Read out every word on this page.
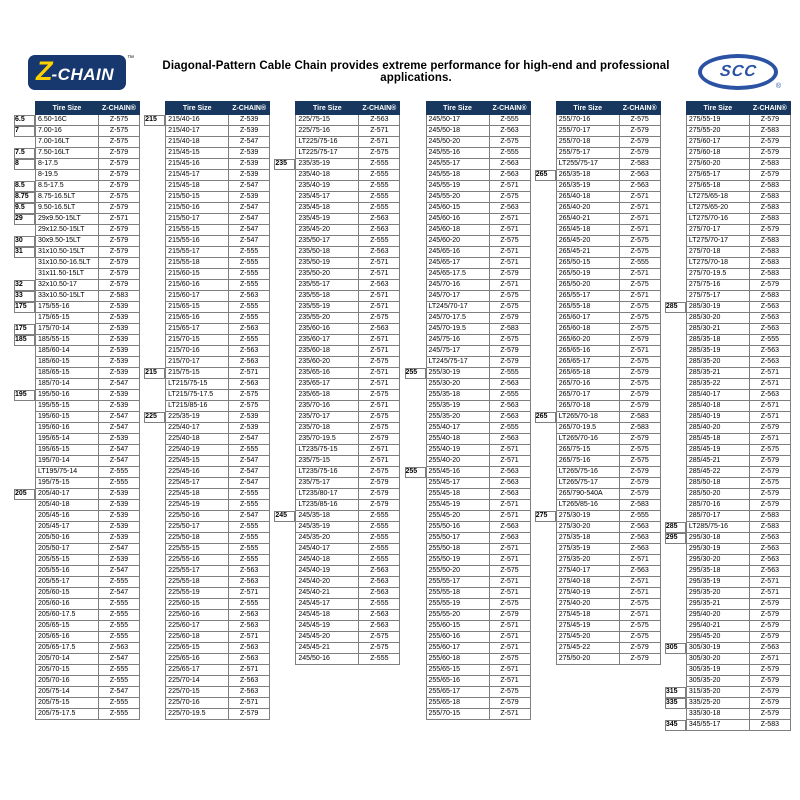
Z -CHAIN
™
Diagonal-Pattern Cable Chain provides extreme performance for high-end and professional applications.	SCC
®
	Tire Size	Z-CHAIN®
6.5	6.50-16C	Z-575
7	7.00-16	Z-575
	7.00-16LT	Z-575
7.5	7.50-16LT	Z-579
8	8-17.5	Z-579
	8-19.5	Z-579
8.5	8.5-17.5	Z-579
8.75	8.75-16.5LT	Z-575
9.5	9.50-16.5LT	Z-579
29	29x9.50-15LT	Z-571
	29x12.50-15LT	Z-579
30	30x9.50-15LT	Z-579
31	31x10.50-15LT	Z-579
	31x10.50-16.5LT	Z-579
	31x11.50-15LT	Z-579
32	32x10.50-17	Z-579
33	33x10.50-15LT	Z-583
175	175/55-16	Z-539
	175/65-15	Z-539
175	175/70-14	Z-539
185	185/55-15	Z-539
	185/60-14	Z-539
	185/60-15	Z-539
	185/65-15	Z-539
	185/70-14	Z-547
195	195/50-16	Z-539
	195/55-15	Z-539
	195/60-15	Z-547
	195/60-16	Z-547
	195/65-14	Z-539
	195/65-15	Z-547
	195/70-14	Z-547
	LT195/75-14	Z-555
	195/75-15	Z-555
205	205/40-17	Z-539
	205/40-18	Z-539
	205/45-16	Z-539
	205/45-17	Z-539
	205/50-16	Z-539
	205/50-17	Z-547
	205/55-15	Z-539
	205/55-16	Z-547
	205/55-17	Z-555
	205/60-15	Z-547
	205/60-16	Z-555
	205/60-17.5	Z-555
	205/65-15	Z-555
	205/65-16	Z-555
	205/65-17.5	Z-563
	205/70-14	Z-547
	205/70-15	Z-555
	205/70-16	Z-555
	205/75-14	Z-547
	205/75-15	Z-555
	205/75-17.5	Z-555
	Tire Size	Z-CHAIN®
215	215/40-16	Z-539
	215/40-17	Z-539
	215/40-18	Z-547
	215/45-15	Z-539
	215/45-16	Z-539
	215/45-17	Z-539
	215/45-18	Z-547
	215/50-15	Z-539
	215/50-16	Z-547
	215/50-17	Z-547
	215/55-15	Z-547
	215/55-16	Z-547
	215/55-17	Z-555
	215/55-18	Z-555
	215/60-15	Z-555
	215/60-16	Z-555
	215/60-17	Z-563
	215/65-15	Z-555
	215/65-16	Z-555
	215/65-17	Z-563
	215/70-15	Z-555
	215/70-16	Z-563
	215/70-17	Z-563
215	215/75-15	Z-571
	LT215/75-15	Z-563
	LT215/75-17.5	Z-575
	LT215/85-16	Z-575
225	225/35-19	Z-539
	225/40-17	Z-539
	225/40-18	Z-547
	225/40-19	Z-555
	225/45-15	Z-547
	225/45-16	Z-547
	225/45-17	Z-547
	225/45-18	Z-555
	225/45-19	Z-555
	225/50-16	Z-547
	225/50-17	Z-555
	225/50-18	Z-555
	225/55-15	Z-555
	225/55-16	Z-555
	225/55-17	Z-563
	225/55-18	Z-563
	225/55-19	Z-571
	225/60-15	Z-555
	225/60-16	Z-563
	225/60-17	Z-563
	225/60-18	Z-571
	225/65-15	Z-563
	225/65-16	Z-563
	225/65-17	Z-571
	225/70-14	Z-563
	225/70-15	Z-563
	225/70-16	Z-571
	225/70-19.5	Z-579
	Tire Size	Z-CHAIN®
	225/75-15	Z-563
	225/75-16	Z-571
	LT225/75-16	Z-571
	LT225/75-17	Z-575
235	235/35-19	Z-555
	235/40-18	Z-555
	235/40-19	Z-555
	235/45-17	Z-555
	235/45-18	Z-555
	235/45-19	Z-563
	235/45-20	Z-563
	235/50-17	Z-555
	235/50-18	Z-563
	235/50-19	Z-571
	235/50-20	Z-571
	235/55-17	Z-563
	235/55-18	Z-571
	235/55-19	Z-571
	235/55-20	Z-575
	235/60-16	Z-563
	235/60-17	Z-571
	235/60-18	Z-571
	235/60-20	Z-575
	235/65-16	Z-571
	235/65-17	Z-571
	235/65-18	Z-575
	235/70-16	Z-571
	235/70-17	Z-575
	235/70-18	Z-575
	235/70-19.5	Z-579
	LT235/75-15	Z-571
	235/75-15	Z-571
	LT235/75-16	Z-575
	235/75-17	Z-579
	LT235/80-17	Z-579
	LT235/85-16	Z-579
245	245/35-18	Z-555
	245/35-19	Z-555
	245/35-20	Z-555
	245/40-17	Z-555
	245/40-18	Z-555
	245/40-19	Z-563
	245/40-20	Z-563
	245/40-21	Z-563
	245/45-17	Z-555
	245/45-18	Z-563
	245/45-19	Z-563
	245/45-20	Z-575
	245/45-21	Z-575
	245/50-16	Z-555
	Tire Size	Z-CHAIN®
	245/50-17	Z-555
	245/50-18	Z-563
	245/50-20	Z-575
	245/55-16	Z-555
	245/55-17	Z-563
	245/55-18	Z-563
	245/55-19	Z-571
	245/55-20	Z-575
	245/60-15	Z-563
	245/60-16	Z-571
	245/60-18	Z-571
	245/60-20	Z-575
	245/65-16	Z-571
	245/65-17	Z-571
	245/65-17.5	Z-579
	245/70-16	Z-571
	245/70-17	Z-575
	LT245/70-17	Z-575
	245/70-17.5	Z-579
	245/70-19.5	Z-583
	245/75-16	Z-575
	245/75-17	Z-579
	LT245/75-17	Z-579
255	255/30-19	Z-555
	255/30-20	Z-563
	255/35-18	Z-555
	255/35-19	Z-563
	255/35-20	Z-563
	255/40-17	Z-555
	255/40-18	Z-563
	255/40-19	Z-571
	255/40-20	Z-571
255	255/45-16	Z-563
	255/45-17	Z-563
	255/45-18	Z-563
	255/45-19	Z-571
	255/45-20	Z-571
	255/50-16	Z-563
	255/50-17	Z-563
	255/50-18	Z-571
	255/50-19	Z-571
	255/50-20	Z-575
	255/55-17	Z-571
	255/55-18	Z-571
	255/55-19	Z-575
	255/55-20	Z-579
	255/60-15	Z-571
	255/60-16	Z-571
	255/60-17	Z-571
	255/60-18	Z-575
	255/65-15	Z-571
	255/65-16	Z-571
	255/65-17	Z-575
	255/65-18	Z-579
	255/70-15	Z-571
	Tire Size	Z-CHAIN®
	255/70-16	Z-575
	255/70-17	Z-579
	255/70-18	Z-579
	255/75-17	Z-579
	LT255/75-17	Z-583
265	265/35-18	Z-563
	265/35-19	Z-563
	265/40-18	Z-571
	265/40-20	Z-571
	265/40-21	Z-571
	265/45-18	Z-571
	265/45-20	Z-575
	265/45-21	Z-575
	265/50-15	Z-555
	265/50-19	Z-571
	265/50-20	Z-575
	265/55-17	Z-571
	265/55-18	Z-575
	265/60-17	Z-575
	265/60-18	Z-575
	265/60-20	Z-579
	265/65-16	Z-571
	265/65-17	Z-575
	265/65-18	Z-579
	265/70-16	Z-575
	265/70-17	Z-579
	265/70-18	Z-579
265	LT265/70-18	Z-583
	265/70-19.5	Z-583
	LT265/70-16	Z-579
	265/75-15	Z-575
	265/75-16	Z-575
	LT265/75-16	Z-579
	LT265/75-17	Z-579
	265/790-540A	Z-579
	LT265/85-16	Z-583
275	275/30-19	Z-555
	275/30-20	Z-563
	275/35-18	Z-563
	275/35-19	Z-563
	275/35-20	Z-571
	275/40-17	Z-563
	275/40-18	Z-571
	275/40-19	Z-571
	275/40-20	Z-575
	275/45-18	Z-571
	275/45-19	Z-575
	275/45-20	Z-575
	275/45-22	Z-579
	275/50-20	Z-579
	Tire Size	Z-CHAIN®
	275/55-19	Z-579
	275/55-20	Z-583
	275/60-17	Z-579
	275/60-18	Z-579
	275/60-20	Z-583
	275/65-17	Z-579
	275/65-18	Z-583
	LT275/65-18	Z-583
	LT275/65-20	Z-583
	LT275/70-16	Z-583
	275/70-17	Z-579
	LT275/70-17	Z-583
	275/70-18	Z-583
	LT275/70-18	Z-583
	275/70-19.5	Z-583
	275/75-16	Z-579
	275/75-17	Z-583
285	285/30-19	Z-563
	285/30-20	Z-563
	285/30-21	Z-563
	285/35-18	Z-555
	285/35-19	Z-563
	285/35-20	Z-563
	285/35-21	Z-571
	285/35-22	Z-571
	285/40-17	Z-563
	285/40-18	Z-571
	285/40-19	Z-571
	285/40-20	Z-579
	285/45-18	Z-571
	285/45-19	Z-575
	285/45-21	Z-579
	285/45-22	Z-579
	285/50-18	Z-575
	285/50-20	Z-579
	285/70-16	Z-579
	285/70-17	Z-583
285	LT285/75-16	Z-583
295	295/30-18	Z-563
	295/30-19	Z-563
	295/30-20	Z-563
	295/35-18	Z-563
	295/35-19	Z-571
	295/35-20	Z-571
	295/35-21	Z-579
	295/40-20	Z-579
	295/40-21	Z-579
	295/45-20	Z-579
305	305/30-19	Z-563
	305/30-20	Z-571
	305/35-19	Z-579
	305/35-20	Z-579
315	315/35-20	Z-579
335	335/25-20	Z-579
	335/30-18	Z-579
345	345/55-17	Z-583
